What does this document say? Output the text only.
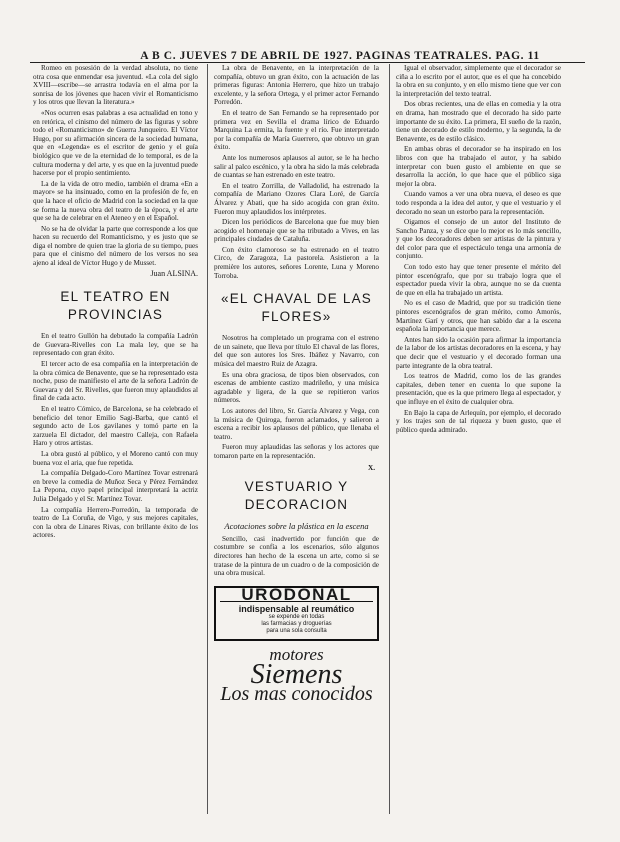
A B C. JUEVES 7 DE ABRIL DE 1927. PAGINAS TEATRALES. PAG. 11

Romeo en posesión de la verdad absoluta, no tiene otra cosa que enmendar esa juventud. «La cola del siglo XVIII—escribe—se arrastra todavía en el alma por la sonrisa de los jóvenes que hacen vivir el Romanticismo y los otros que llevan la literatura.»

«Nos ocurren esas palabras a esa actualidad en tono y en retórica, el cinismo del número de las figuras y sobre todo el «Romanticismo» de Guerra Junqueiro. El Víctor Hugo, por su afirmación sincera de la sociedad humana, que en «Legenda» es el escritor de genio y el guía biológico que ve de la eternidad de lo temporal, es de la cultura moderna y del arte, y es que en la juventud puede hacerse por el propio sentimiento.

La de la vida de otro medio, también el drama «En a mayor» se ha insinuado, como en la profesión de fe, en que la hace el oficio de Madrid con la sociedad en la que se forma la nueva obra del teatro de la época, y el arte que se ha de celebrar en el Ateneo y en el Español.

No se ha de olvidar la parte que corresponde a los que hacen su recuerdo del Romanticismo, y es justo que se diga el nombre de quien trae la gloria de su tiempo, pues para que el cinismo del número de los versos no sea ajeno al ideal de Víctor Hugo y de Musset.

Juan ALSINA.
EL TEATRO EN PROVINCIAS

En el teatro Gullón ha debutado la compañía Ladrón de Guevara-Rivelles con La mala ley, que se ha representado con gran éxito.

El tercer acto de esa compañía en la interpretación de la obra cómica de Benavente, que se ha representado esta noche, puso de manifiesto el arte de la señora Ladrón de Guevara y del Sr. Rivelles, que fueron muy aplaudidos al final de cada acto.

En el teatro Cómico, de Barcelona, se ha celebrado el beneficio del tenor Emilio Sagi-Barba, que cantó el segundo acto de Los gavilanes y tomó parte en la zarzuela El dictador, del maestro Calleja, con Rafaela Haro y otros artistas.

La obra gustó al público, y el Moreno cantó con muy buena voz el aria, que fue repetida.

La compañía Delgado-Coro Martínez Tovar estrenará en breve la comedia de Muñoz Seca y Pérez Fernández La Pepona, cuyo papel principal interpretará la actriz Julia Delgado y el Sr. Martínez Tovar.

La compañía Herrero-Porredón, la temporada de teatro de La Coruña, de Vigo, y sus mejores capitales, con la obra de Linares Rivas, con brillante éxito de los actores.

La obra de Benavente, en la interpretación de la compañía, obtuvo un gran éxito, con la actuación de las primeras figuras: Antonia Herrero, que hizo un trabajo excelente, y la señora Ortega, y el primer actor Fernando Porredón.

En el teatro de San Fernando se ha representado por primera vez en Sevilla el drama lírico de Eduardo Marquina La ermita, la fuente y el río. Fue interpretado por la compañía de María Guerrero, que obtuvo un gran éxito.

Ante los numerosos aplausos al autor, se le ha hecho salir al palco escénico, y la obra ha sido la más celebrada de cuantas se han estrenado en este teatro.

En el teatro Zorrilla, de Valladolid, ha estrenado la compañía de Mariano Ozores Clara Loré, de García Álvarez y Abati, que ha sido acogida con gran éxito. Fueron muy aplaudidos los intérpretes.

Dicen los periódicos de Barcelona que fue muy bien acogido el homenaje que se ha tributado a Vives, en las principales ciudades de Cataluña.

Con éxito clamoroso se ha estrenado en el teatro Circo, de Zaragoza, La pastorela. Asistieron a la première los autores, señores Lorente, Luna y Moreno Torroba.

«EL CHAVAL DE LAS FLORES»

Nosotros ha completado un programa con el estreno de un sainete, que lleva por título El chaval de las flores, del que son autores los Sres. Ibáñez y Navarro, con música del maestro Ruiz de Azagra.

Es una obra graciosa, de tipos bien observados, con escenas de ambiente castizo madrileño, y una música agradable y ligera, de la que se repitieron varios números.

Los autores del libro, Sr. García Alvarez y Vega, con la música de Quiroga, fueron aclamados, y salieron a escena a recibir los aplausos del público, que llenaba el teatro.

Fueron muy aplaudidas las señoras y los actores que tomaron parte en la representación.

X.
VESTUARIO Y DECORACION
Acotaciones sobre la plástica en la escena

Sencillo, casi inadvertido por función que de costumbre se confía a los escenarios, sólo algunos directores han hecho de la escena un arte, como si se tratase de la pintura de un cuadro o de la composición de una obra musical.

URODONAL
indispensable al reumático
se expende en todas
las farmacias y droguerías
para una sola consulta
motores
Siemens
Los mas conocidos

Igual el observador, simplemente que el decorador se ciña a lo escrito por el autor, que es el que ha concebido la obra en su conjunto, y en ello mismo tiene que ver con la interpretación del texto teatral.

Dos obras recientes, una de ellas en comedia y la otra en drama, han mostrado que el decorado ha sido parte importante de su éxito. La primera, El sueño de la razón, tiene un decorado de estilo moderno, y la segunda, la de Benavente, es de estilo clásico.

En ambas obras el decorador se ha inspirado en los libros con que ha trabajado el autor, y ha sabido interpretar con buen gusto el ambiente en que se desarrolla la acción, lo que hace que el público siga mejor la obra.

Cuando vamos a ver una obra nueva, el deseo es que todo responda a la idea del autor, y que el vestuario y el decorado no sean un estorbo para la representación.

Oigamos el consejo de un autor del Instituto de Sancho Panza, y se dice que lo mejor es lo más sencillo, y que los decoradores deben ser artistas de la pintura y del color para que el espectáculo tenga una armonía de conjunto.

Con todo esto hay que tener presente el mérito del pintor escenógrafo, que por su trabajo logra que el espectador pueda vivir la obra, aunque no se da cuenta de que en ella ha trabajado un artista.

No es el caso de Madrid, que por su tradición tiene pintores escenógrafos de gran mérito, como Amorós, Martínez Garí y otros, que han sabido dar a la escena española la importancia que merece.

Antes han sido la ocasión para afirmar la importancia de la labor de los artistas decoradores en la escena, y hay que decir que el vestuario y el decorado forman una parte integrante de la obra teatral.

Los teatros de Madrid, como los de las grandes capitales, deben tener en cuenta lo que supone la presentación, que es la que primero llega al espectador, y que influye en el éxito de cualquier obra.

En Bajo la capa de Arlequín, por ejemplo, el decorado y los trajes son de tal riqueza y buen gusto, que el público queda admirado.
